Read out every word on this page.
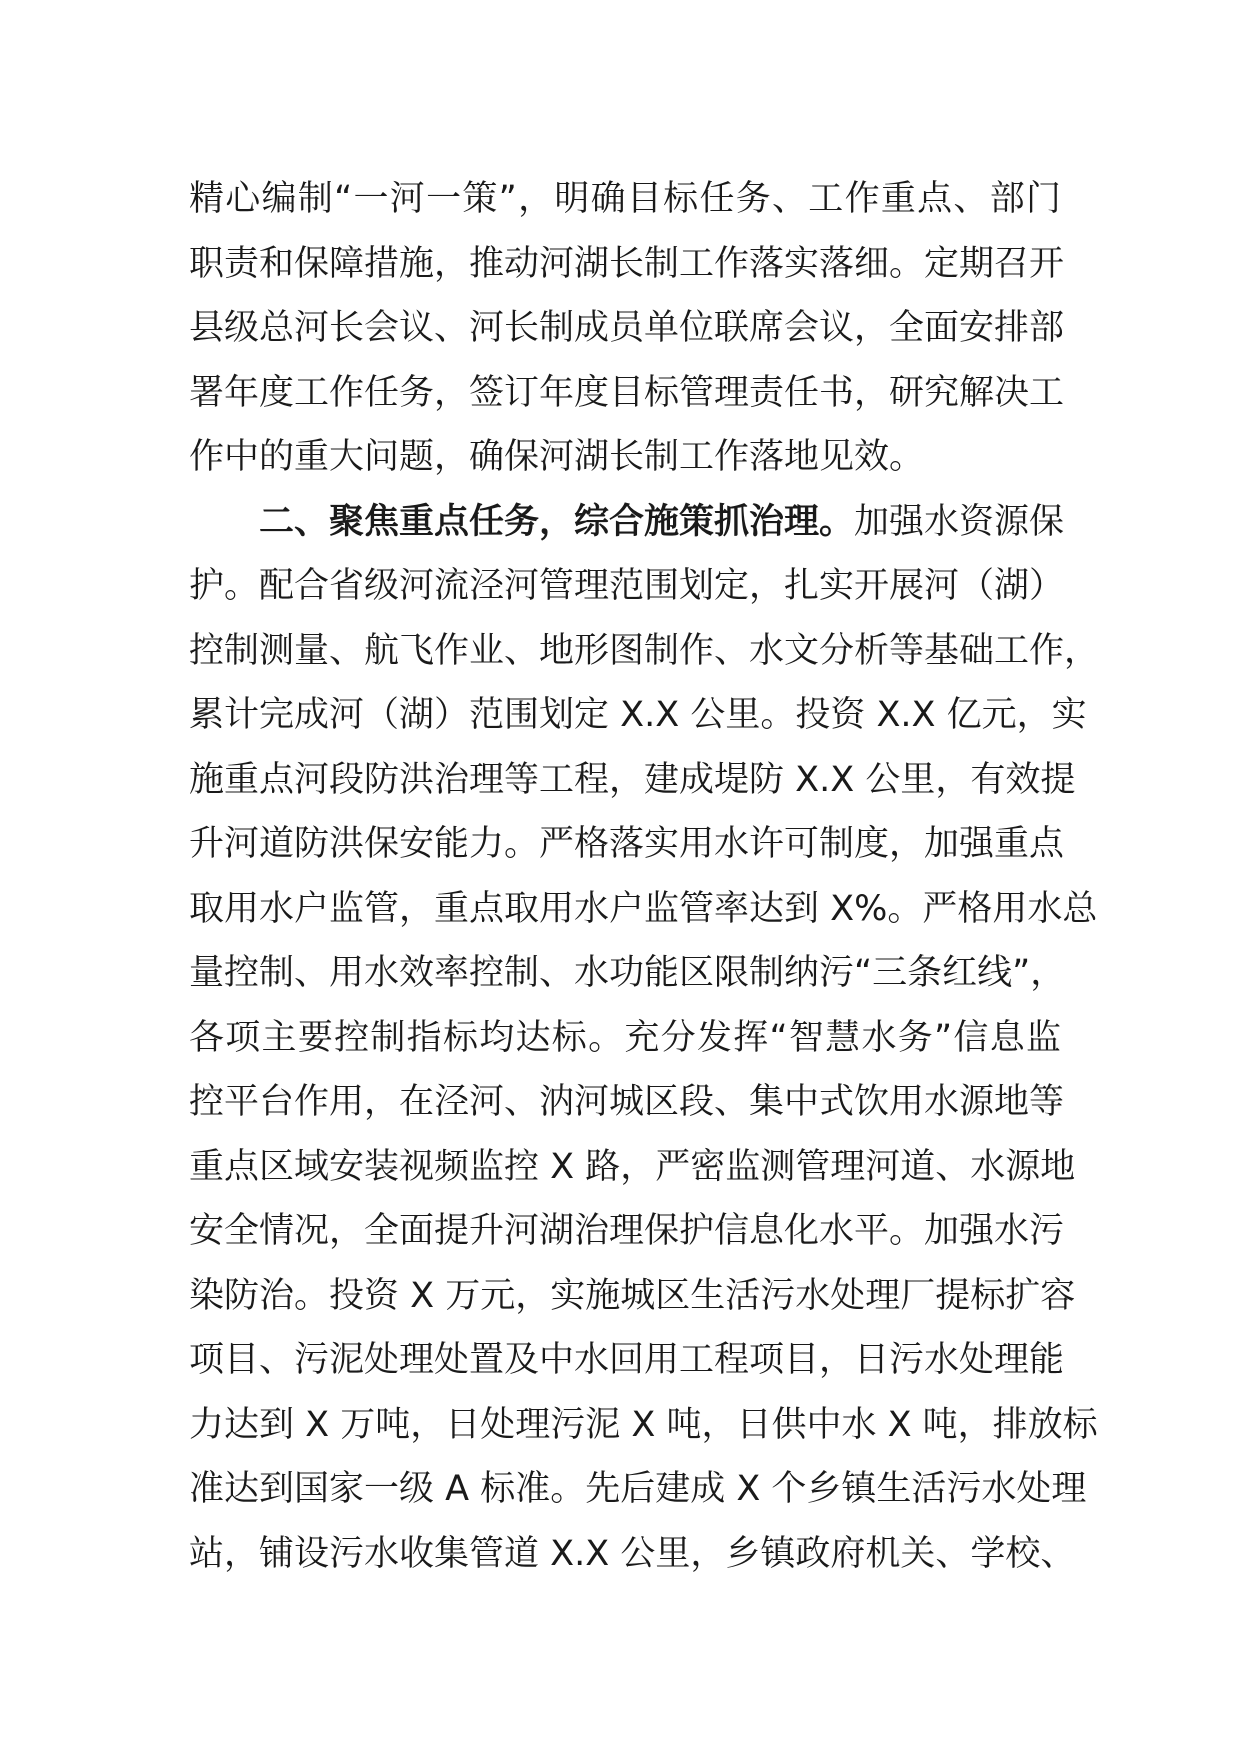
精心编制“一河一策”，明确目标任务、工作重点、部门
职责和保障措施，推动河湖长制工作落实落细。定期召开
县级总河长会议、河长制成员单位联席会议，全面安排部
署年度工作任务，签订年度目标管理责任书，研究解决工
作中的重大问题，确保河湖长制工作落地见效。
二、聚焦重点任务，综合施策抓治理。加强水资源保
护。配合省级河流泾河管理范围划定，扎实开展河（湖）
控制测量、航飞作业、地形图制作、水文分析等基础工作，
累计完成河（湖）范围划定 X.X 公里。投资 X.X 亿元，实
施重点河段防洪治理等工程，建成堤防 X.X 公里，有效提
升河道防洪保安能力。严格落实用水许可制度，加强重点
取用水户监管，重点取用水户监管率达到 X%。严格用水总
量控制、用水效率控制、水功能区限制纳污“三条红线”，
各项主要控制指标均达标。充分发挥“智慧水务”信息监
控平台作用，在泾河、汭河城区段、集中式饮用水源地等
重点区域安装视频监控 X 路，严密监测管理河道、水源地
安全情况，全面提升河湖治理保护信息化水平。加强水污
染防治。投资 X 万元，实施城区生活污水处理厂提标扩容
项目、污泥处理处置及中水回用工程项目，日污水处理能
力达到 X 万吨，日处理污泥 X 吨，日供中水 X 吨，排放标
准达到国家一级 A 标准。先后建成 X 个乡镇生活污水处理
站，铺设污水收集管道 X.X 公里，乡镇政府机关、学校、
